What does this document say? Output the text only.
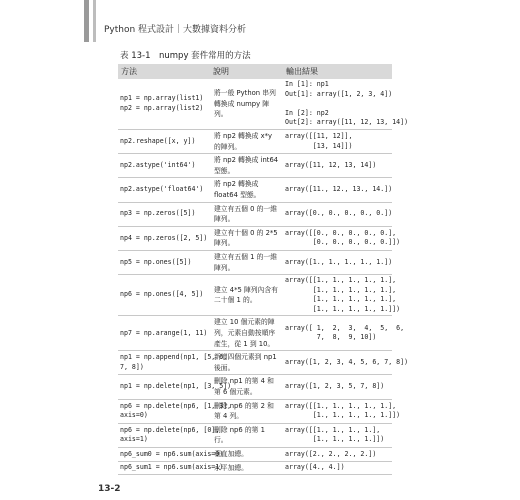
Python 程式設計｜大數據資料分析
表 13-1　numpy 套件常用的方法
方法	說明	輸出結果
np1 = np.array(list1)
np2 = np.array(list2)	將一般 Python 串列轉換成 numpy 陣列。	In [1]: np1
Out[1]: array([1, 2, 3, 4])

In [2]: np2
Out[2]: array([11, 12, 13, 14])
np2.reshape([x, y])	將 np2 轉換成 x*y 的陣列。	array([[11, 12]],
[13, 14]])
np2.astype('int64')	將 np2 轉換成 int64 型態。	array([11, 12, 13, 14])
np2.astype('float64')	將 np2 轉換成 float64 型態。	array([11., 12., 13., 14.])
np3 = np.zeros([5])	建立有五個 0 的一維陣列。	array([0., 0., 0., 0., 0.])
np4 = np.zeros([2, 5])	建立有十個 0 的 2*5 陣列。	array([[0., 0., 0., 0., 0.],
[0., 0., 0., 0., 0.]])
np5 = np.ones([5])	建立有五個 1 的一維陣列。	array([1., 1., 1., 1., 1.])
np6 = np.ones([4, 5])	建立 4*5 陣列內含有二十個 1 的。	array([[1., 1., 1., 1., 1.],
[1., 1., 1., 1., 1.],
[1., 1., 1., 1., 1.],
[1., 1., 1., 1., 1.]])
np7 = np.arange(1, 11)	建立 10 個元素的陣列，元素自動按順序產生，從 1 到 10。	array([ 1,  2,  3,  4,  5,  6,
7,  8,  9, 10])
np1 = np.append(np1, [5, 6,
7, 8])	新增四個元素到 np1 後面。	array([1, 2, 3, 4, 5, 6, 7, 8])
np1 = np.delete(np1, [3, 5])	刪除 np1 的第 4 和第 6 個元素。	array([1, 2, 3, 5, 7, 8])
np6 = np.delete(np6, [1, 3],
axis=0)	刪除 np6 的第 2 和第 4 列。	array([[1., 1., 1., 1., 1.],
[1., 1., 1., 1., 1.]])
np6 = np.delete(np6, [0],
axis=1)	刪除 np6 的第 1 行。	array([[1., 1., 1., 1.],
[1., 1., 1., 1.]])
np6_sum0 = np6.sum(axis=0)	垂直加總。	array([2., 2., 2., 2.])
np6_sum1 = np6.sum(axis=1)	水平加總。	array([4., 4.])
13-2
